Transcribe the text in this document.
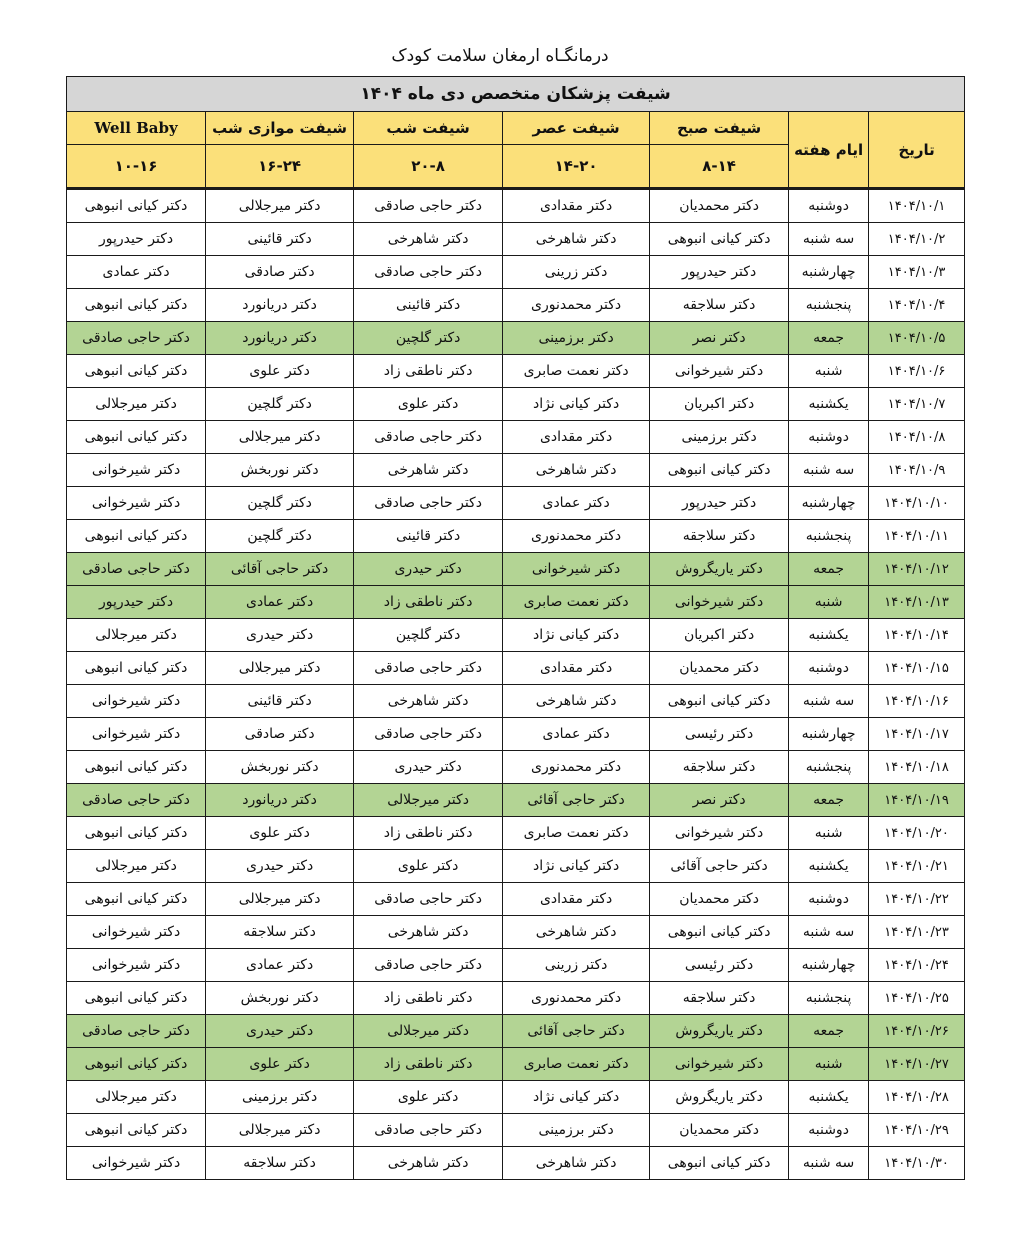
درمانگـاه ارمغان سلامت کودک
شیفت پزشکان متخصص دی ماه ۱۴۰۴						
تاریخ	ایام هفته	شیفت صبح	شیفت عصر	شیفت شب	شیفت موازی شب	Well Baby
		۸-۱۴	۱۴-۲۰	۲۰-۸	۱۶-۲۴	۱۰-۱۶
۱۴۰۴/۱۰/۱	دوشنبه	دکتر محمدیان	دکتر مقدادی	دکتر حاجی صادقی	دکتر میرجلالی	دکتر کیانی انبوهی
۱۴۰۴/۱۰/۲	سه شنبه	دکتر کیانی انبوهی	دکتر شاهرخی	دکتر شاهرخی	دکتر قائینی	دکتر حیدرپور
۱۴۰۴/۱۰/۳	چهارشنبه	دکتر حیدرپور	دکتر زرینی	دکتر حاجی صادقی	دکتر صادقی	دکتر عمادی
۱۴۰۴/۱۰/۴	پنجشنبه	دکتر سلاجقه	دکتر محمدنوری	دکتر قائینی	دکتر دریانورد	دکتر کیانی انبوهی
۱۴۰۴/۱۰/۵	جمعه	دکتر نصر	دکتر برزمینی	دکتر گلچین	دکتر دریانورد	دکتر حاجی صادقی
۱۴۰۴/۱۰/۶	شنبه	دکتر شیرخوانی	دکتر نعمت صابری	دکتر ناطقی زاد	دکتر علوی	دکتر کیانی انبوهی
۱۴۰۴/۱۰/۷	یکشنبه	دکتر اکبریان	دکتر کیانی نژاد	دکتر علوی	دکتر گلچین	دکتر میرجلالی
۱۴۰۴/۱۰/۸	دوشنبه	دکتر برزمینی	دکتر مقدادی	دکتر حاجی صادقی	دکتر میرجلالی	دکتر کیانی انبوهی
۱۴۰۴/۱۰/۹	سه شنبه	دکتر کیانی انبوهی	دکتر شاهرخی	دکتر شاهرخی	دکتر نوربخش	دکتر شیرخوانی
۱۴۰۴/۱۰/۱۰	چهارشنبه	دکتر حیدرپور	دکتر عمادی	دکتر حاجی صادقی	دکتر گلچین	دکتر شیرخوانی
۱۴۰۴/۱۰/۱۱	پنجشنبه	دکتر سلاجقه	دکتر محمدنوری	دکتر قائینی	دکتر گلچین	دکتر کیانی انبوهی
۱۴۰۴/۱۰/۱۲	جمعه	دکتر یاریگروش	دکتر شیرخوانی	دکتر حیدری	دکتر حاجی آقائی	دکتر حاجی صادقی
۱۴۰۴/۱۰/۱۳	شنبه	دکتر شیرخوانی	دکتر نعمت صابری	دکتر ناطقی زاد	دکتر عمادی	دکتر حیدرپور
۱۴۰۴/۱۰/۱۴	یکشنبه	دکتر اکبریان	دکتر کیانی نژاد	دکتر گلچین	دکتر حیدری	دکتر میرجلالی
۱۴۰۴/۱۰/۱۵	دوشنبه	دکتر محمدیان	دکتر مقدادی	دکتر حاجی صادقی	دکتر میرجلالی	دکتر کیانی انبوهی
۱۴۰۴/۱۰/۱۶	سه شنبه	دکتر کیانی انبوهی	دکتر شاهرخی	دکتر شاهرخی	دکتر قائینی	دکتر شیرخوانی
۱۴۰۴/۱۰/۱۷	چهارشنبه	دکتر رئیسی	دکتر عمادی	دکتر حاجی صادقی	دکتر صادقی	دکتر شیرخوانی
۱۴۰۴/۱۰/۱۸	پنجشنبه	دکتر سلاجقه	دکتر محمدنوری	دکتر حیدری	دکتر نوربخش	دکتر کیانی انبوهی
۱۴۰۴/۱۰/۱۹	جمعه	دکتر نصر	دکتر حاجی آقائی	دکتر میرجلالی	دکتر دریانورد	دکتر حاجی صادقی
۱۴۰۴/۱۰/۲۰	شنبه	دکتر شیرخوانی	دکتر نعمت صابری	دکتر ناطقی زاد	دکتر علوی	دکتر کیانی انبوهی
۱۴۰۴/۱۰/۲۱	یکشنبه	دکتر حاجی آقائی	دکتر کیانی نژاد	دکتر علوی	دکتر حیدری	دکتر میرجلالی
۱۴۰۴/۱۰/۲۲	دوشنبه	دکتر محمدیان	دکتر مقدادی	دکتر حاجی صادقی	دکتر میرجلالی	دکتر کیانی انبوهی
۱۴۰۴/۱۰/۲۳	سه شنبه	دکتر کیانی انبوهی	دکتر شاهرخی	دکتر شاهرخی	دکتر سلاجقه	دکتر شیرخوانی
۱۴۰۴/۱۰/۲۴	چهارشنبه	دکتر رئیسی	دکتر زرینی	دکتر حاجی صادقی	دکتر عمادی	دکتر شیرخوانی
۱۴۰۴/۱۰/۲۵	پنجشنبه	دکتر سلاجقه	دکتر محمدنوری	دکتر ناطقی زاد	دکتر نوربخش	دکتر کیانی انبوهی
۱۴۰۴/۱۰/۲۶	جمعه	دکتر یاریگروش	دکتر حاجی آقائی	دکتر میرجلالی	دکتر حیدری	دکتر حاجی صادقی
۱۴۰۴/۱۰/۲۷	شنبه	دکتر شیرخوانی	دکتر نعمت صابری	دکتر ناطقی زاد	دکتر علوی	دکتر کیانی انبوهی
۱۴۰۴/۱۰/۲۸	یکشنبه	دکتر یاریگروش	دکتر کیانی نژاد	دکتر علوی	دکتر برزمینی	دکتر میرجلالی
۱۴۰۴/۱۰/۲۹	دوشنبه	دکتر محمدیان	دکتر برزمینی	دکتر حاجی صادقی	دکتر میرجلالی	دکتر کیانی انبوهی
۱۴۰۴/۱۰/۳۰	سه شنبه	دکتر کیانی انبوهی	دکتر شاهرخی	دکتر شاهرخی	دکتر سلاجقه	دکتر شیرخوانی
